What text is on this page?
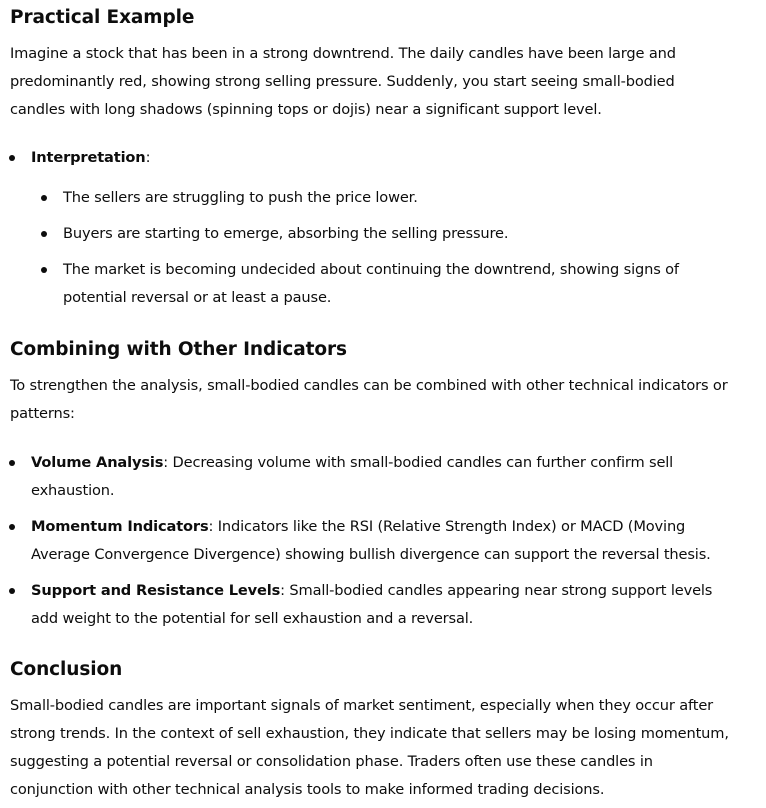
Practical Example

Imagine a stock that has been in a strong downtrend. The daily candles have been large and predominantly red, showing strong selling pressure. Suddenly, you start seeing small-bodied candles with long shadows (spinning tops or dojis) near a significant support level.

Interpretation:
The sellers are struggling to push the price lower.
Buyers are starting to emerge, absorbing the selling pressure.
The market is becoming undecided about continuing the downtrend, showing signs of potential reversal or at least a pause.
Combining with Other Indicators

To strengthen the analysis, small-bodied candles can be combined with other technical indicators or patterns:

Volume Analysis: Decreasing volume with small-bodied candles can further confirm sell exhaustion.
Momentum Indicators: Indicators like the RSI (Relative Strength Index) or MACD (Moving Average Convergence Divergence) showing bullish divergence can support the reversal thesis.
Support and Resistance Levels: Small-bodied candles appearing near strong support levels add weight to the potential for sell exhaustion and a reversal.
Conclusion

Small-bodied candles are important signals of market sentiment, especially when they occur after strong trends. In the context of sell exhaustion, they indicate that sellers may be losing momentum, suggesting a potential reversal or consolidation phase. Traders often use these candles in conjunction with other technical analysis tools to make informed trading decisions.
